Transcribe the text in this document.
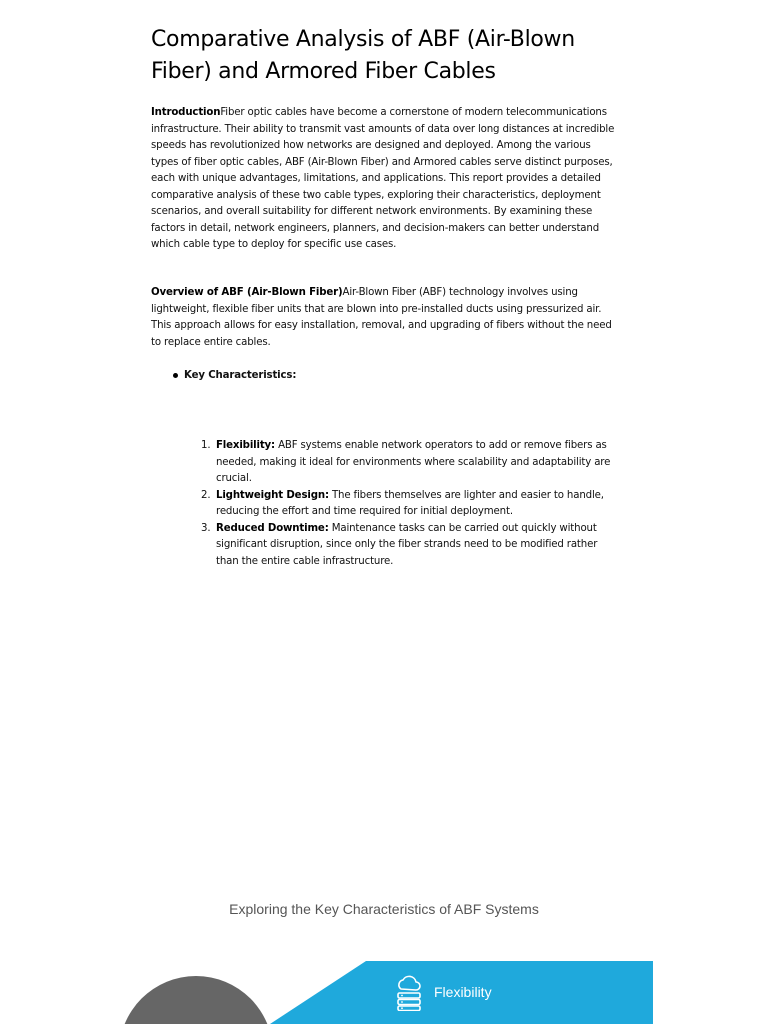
Comparative Analysis of ABF (Air-Blown Fiber) and Armored Fiber Cables

IntroductionFiber optic cables have become a cornerstone of modern telecommunications infrastructure. Their ability to transmit vast amounts of data over long distances at incredible speeds has revolutionized how networks are designed and deployed. Among the various types of fiber optic cables, ABF (Air-Blown Fiber) and Armored cables serve distinct purposes, each with unique advantages, limitations, and applications. This report provides a detailed comparative analysis of these two cable types, exploring their characteristics, deployment scenarios, and overall suitability for different network environments. By examining these factors in detail, network engineers, planners, and decision-makers can better understand which cable type to deploy for specific use cases.

Overview of ABF (Air-Blown Fiber)Air-Blown Fiber (ABF) technology involves using lightweight, flexible fiber units that are blown into pre-installed ducts using pressurized air. This approach allows for easy installation, removal, and upgrading of fibers without the need to replace entire cables.

Key Characteristics:
1. Flexibility: ABF systems enable network operators to add or remove fibers as needed, making it ideal for environments where scalability and adaptability are crucial.
2. Lightweight Design: The fibers themselves are lighter and easier to handle, reducing the effort and time required for initial deployment.
3. Reduced Downtime: Maintenance tasks can be carried out quickly without significant disruption, since only the fiber strands need to be modified rather than the entire cable infrastructure.
Exploring the Key Characteristics of ABF Systems
Flexibility
